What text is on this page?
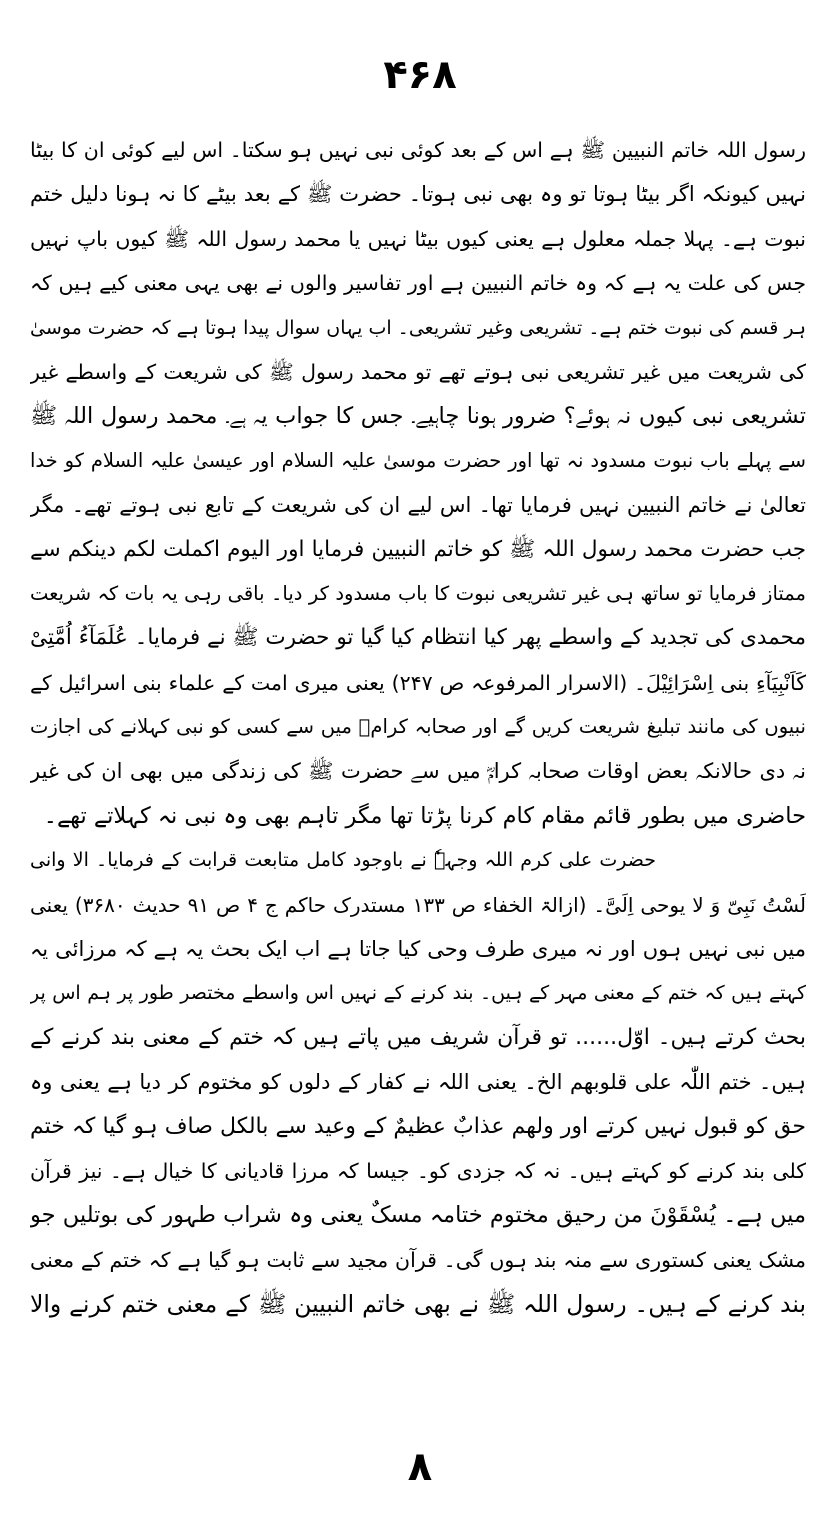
۴۶۸
رسول اللہ خاتم النبیین ﷺ ہے اس کے بعد کوئی نبی نہیں ہو سکتا۔ اس لیے کوئی ان کا بیٹا
نہیں کیونکہ اگر بیٹا ہوتا تو وہ بھی نبی ہوتا۔ حضرت ﷺ کے بعد بیٹے کا نہ ہونا دلیل ختم
نبوت ہے۔ پہلا جملہ معلول ہے یعنی کیوں بیٹا نہیں یا محمد رسول اللہ ﷺ کیوں باپ نہیں
جس کی علت یہ ہے کہ وہ خاتم النبیین ہے اور تفاسیر والوں نے بھی یہی معنی کیے ہیں کہ
ہر قسم کی نبوت ختم ہے۔ تشریعی وغیر تشریعی۔ اب یہاں سوال پیدا ہوتا ہے کہ حضرت موسیٰ
کی شریعت میں غیر تشریعی نبی ہوتے تھے تو محمد رسول ﷺ کی شریعت کے واسطے غیر
تشریعی نبی کیوں نہ ہوئے؟ ضرور ہونا چاہیے۔ جس کا جواب یہ ہے۔ محمد رسول اللہ ﷺ
سے پہلے باب نبوت مسدود نہ تھا اور حضرت موسیٰ علیہ السلام اور عیسیٰ علیہ السلام کو خدا
تعالیٰ نے خاتم النبیین نہیں فرمایا تھا۔ اس لیے ان کی شریعت کے تابع نبی ہوتے تھے۔ مگر
جب حضرت محمد رسول اللہ ﷺ کو خاتم النبیین فرمایا اور الیوم اکملت لکم دینکم سے
ممتاز فرمایا تو ساتھ ہی غیر تشریعی نبوت کا باب مسدود کر دیا۔ باقی رہی یہ بات کہ شریعت
محمدی کی تجدید کے واسطے پھر کیا انتظام کیا گیا تو حضرت ﷺ نے فرمایا۔ عُلَمَآءُ اُمَّتِیْ
کَاَنْبِیَآءِ بنی اِسْرَائِیْلَ۔ (الاسرار المرفوعہ ص ۲۴۷) یعنی میری امت کے علماء بنی اسرائیل کے
نبیوں کی مانند تبلیغ شریعت کریں گے اور صحابہ کرامؓ میں سے کسی کو نبی کہلانے کی اجازت
نہ دی حالانکہ بعض اوقات صحابہ کرامؓ میں سے حضرت ﷺ کی زندگی میں بھی ان کی غیر
حاضری میں بطور قائم مقام کام کرنا پڑتا تھا مگر تاہم بھی وہ نبی نہ کہلاتے تھے۔
حضرت علی کرم اللہ وجہہٗ نے باوجود کامل متابعت قرابت کے فرمایا۔ الا وانی
لَسْتُ نَبِیّ وَ لا یوحی اِلَیَّ۔ (ازالۃ الخفاء ص ۱۳۳ مستدرک حاکم ج ۴ ص ۹۱ حدیث ۳۶۸۰) یعنی
میں نبی نہیں ہوں اور نہ میری طرف وحی کیا جاتا ہے اب ایک بحث یہ ہے کہ مرزائی یہ
کہتے ہیں کہ ختم کے معنی مہر کے ہیں۔ بند کرنے کے نہیں اس واسطے مختصر طور پر ہم اس پر
بحث کرتے ہیں۔ اوّل...... تو قرآن شریف میں پاتے ہیں کہ ختم کے معنی بند کرنے کے
ہیں۔ ختم اللّٰہ علی قلوبھم الخ۔ یعنی اللہ نے کفار کے دلوں کو مختوم کر دیا ہے یعنی وہ
حق کو قبول نہیں کرتے اور ولھم عذابٌ عظیمٌ کے وعید سے بالکل صاف ہو گیا کہ ختم
کلی بند کرنے کو کہتے ہیں۔ نہ کہ جزدی کو۔ جیسا کہ مرزا قادیانی کا خیال ہے۔ نیز قرآن
میں ہے۔ یُسْقَوْنَ من رحیق مختوم ختامہ مسکٌ یعنی وہ شراب طہور کی بوتلیں جو
مشک یعنی کستوری سے منہ بند ہوں گی۔ قرآن مجید سے ثابت ہو گیا ہے کہ ختم کے معنی
بند کرنے کے ہیں۔ رسول اللہ ﷺ نے بھی خاتم النبیین ﷺ کے معنی ختم کرنے والا
۸
